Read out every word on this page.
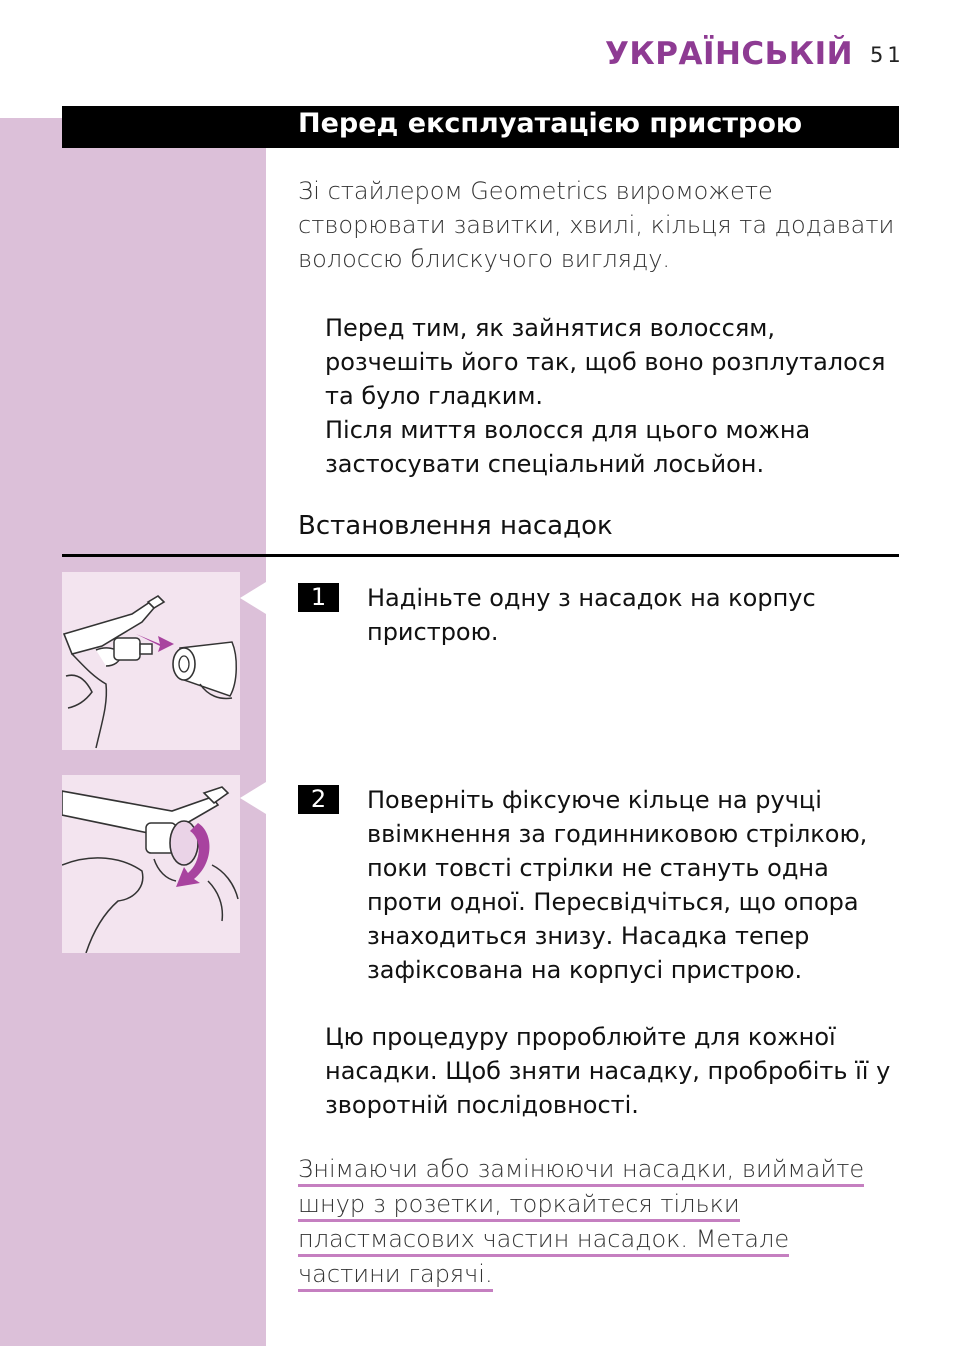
УКРАЇНСЬКІЙ 51
Перед експлуатацією пристрою
Зі стайлером Geometrics вироможете
створювати завитки, хвилі, кільця та додавати
волоссю блискучого вигляду.
Перед тим, як зайнятися волоссям,
розчешіть його так, щоб воно розплуталося
та було гладким.
Після миття волосся для цього можна
застосувати спеціальний лосьйон.
Встановлення насадок
1	Надіньте одну з насадок на корпус
пристрою.
2	Поверніть фіксуюче кільце на ручці
ввімкнення за годинниковою стрілкою,
поки товсті стрілки не стануть одна
проти одної. Пересвідчіться, що опора
знаходиться знизу. Насадка тепер
зафіксована на корпусі пристрою.
Цю процедуру пророблюйте для кожної
насадки. Щоб зняти насадку, пробробіть її у
зворотній послідовності.
Знімаючи або замінюючи насадки, виймайте
шнур з розетки, торкайтеся тільки
пластмасових частин насадок. Метале
частини гарячі.
